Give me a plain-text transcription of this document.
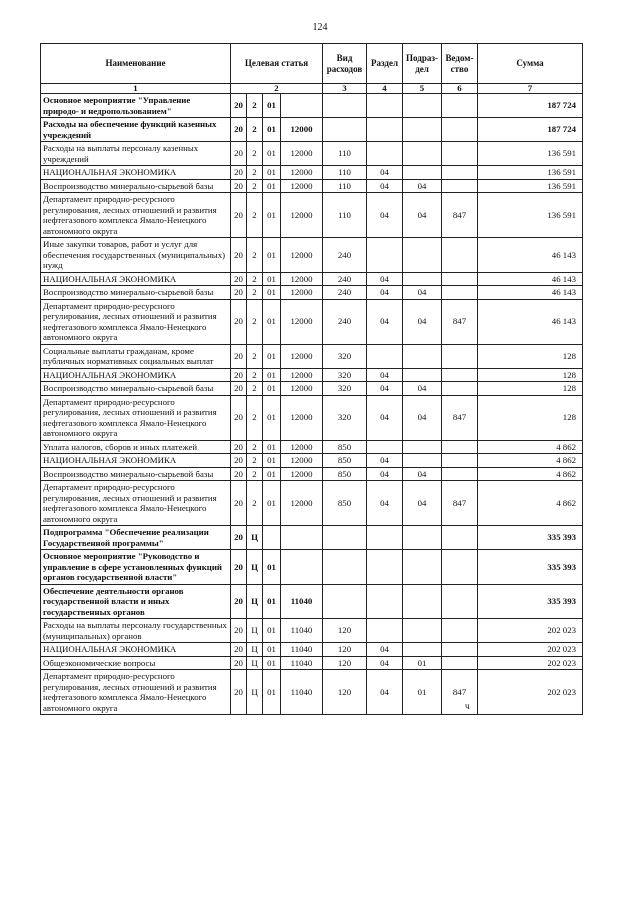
124
ч
Наименование	Целевая статья				Вид расходов	Раздел	Подраз-дел	Ведом-ство	Сумма
1	2				3	4	5	6	7
Основное мероприятие "Управление природо- и недропользованием"	20	2	01						187 724
Расходы на обеспечение функций казенных учреждений	20	2	01	12000					187 724
Расходы на выплаты персоналу казенных учреждений	20	2	01	12000	110				136 591
НАЦИОНАЛЬНАЯ ЭКОНОМИКА	20	2	01	12000	110	04			136 591
Воспроизводство минерально-сырьевой базы	20	2	01	12000	110	04	04		136 591
Департамент природно-ресурсного регулирования, лесных отношений и развития нефтегазового комплекса Ямало-Ненецкого автономного округа	20	2	01	12000	110	04	04	847	136 591
Иные закупки товаров, работ и услуг для обеспечения государственных (муниципальных) нужд	20	2	01	12000	240				46 143
НАЦИОНАЛЬНАЯ ЭКОНОМИКА	20	2	01	12000	240	04			46 143
Воспроизводство минерально-сырьевой базы	20	2	01	12000	240	04	04		46 143
Департамент природно-ресурсного регулирования, лесных отношений и развития нефтегазового комплекса Ямало-Ненецкого автономного округа	20	2	01	12000	240	04	04	847	46 143
Социальные выплаты гражданам, кроме публичных нормативных социальных выплат	20	2	01	12000	320				128
НАЦИОНАЛЬНАЯ ЭКОНОМИКА	20	2	01	12000	320	04			128
Воспроизводство минерально-сырьевой базы	20	2	01	12000	320	04	04		128
Департамент природно-ресурсного регулирования, лесных отношений и развития нефтегазового комплекса Ямало-Ненецкого автономного округа	20	2	01	12000	320	04	04	847	128
Уплата налогов, сборов и иных платежей	20	2	01	12000	850				4 862
НАЦИОНАЛЬНАЯ ЭКОНОМИКА	20	2	01	12000	850	04			4 862
Воспроизводство минерально-сырьевой базы	20	2	01	12000	850	04	04		4 862
Департамент природно-ресурсного регулирования, лесных отношений и развития нефтегазового комплекса Ямало-Ненецкого автономного округа	20	2	01	12000	850	04	04	847	4 862
Подпрограмма "Обеспечение реализации Государственной программы"	20	Ц							335 393
Основное мероприятие "Руководство и управление в сфере установленных функций органов государственной власти"	20	Ц	01						335 393
Обеспечение деятельности органов государственной власти и иных государственных органов	20	Ц	01	11040					335 393
Расходы на выплаты персоналу государственных (муниципальных) органов	20	Ц	01	11040	120				202 023
НАЦИОНАЛЬНАЯ ЭКОНОМИКА	20	Ц	01	11040	120	04			202 023
Общеэкономические вопросы	20	Ц	01	11040	120	04	01		202 023
Департамент природно-ресурсного регулирования, лесных отношений и развития нефтегазового комплекса Ямало-Ненецкого автономного округа	20	Ц	01	11040	120	04	01	847	202 023
